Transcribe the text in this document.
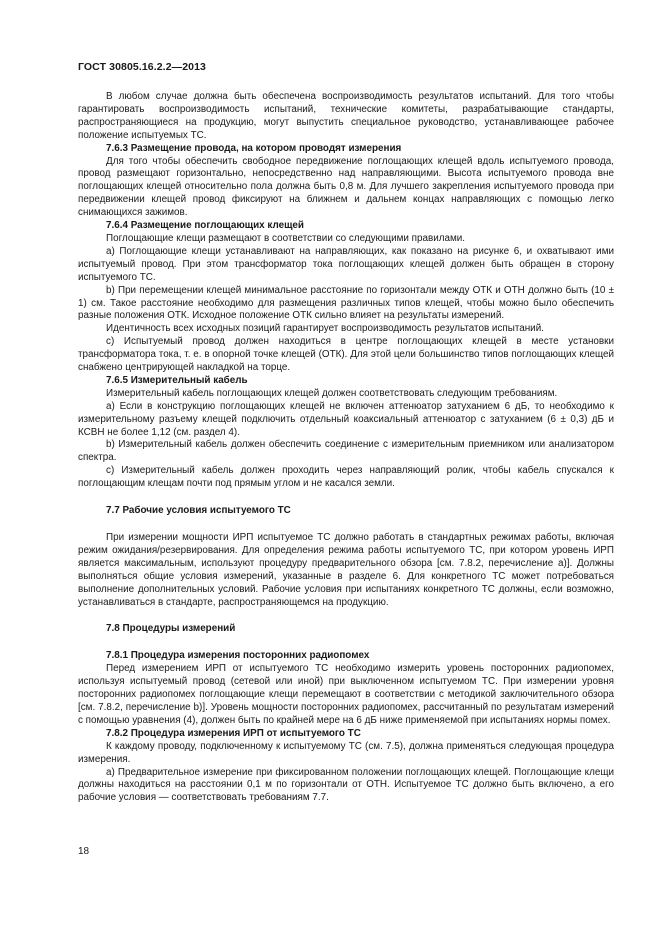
ГОСТ 30805.16.2.2—2013

В любом случае должна быть обеспечена воспроизводимость результатов испытаний. Для того чтобы гарантировать воспроизводимость испытаний, технические комитеты, разрабатывающие стандарты, распространяющиеся на продукцию, могут выпустить специальное руководство, устанавливающее рабочее положение испытуемых ТС.

7.6.3 Размещение провода, на котором проводят измерения

Для того чтобы обеспечить свободное передвижение поглощающих клещей вдоль испытуемого провода, провод размещают горизонтально, непосредственно над направляющими. Высота испытуемого провода вне поглощающих клещей относительно пола должна быть 0,8 м. Для лучшего закрепления испытуемого провода при передвижении клещей провод фиксируют на ближнем и дальнем концах направляющих с помощью легко снимающихся зажимов.

7.6.4 Размещение поглощающих клещей

Поглощающие клещи размещают в соответствии со следующими правилами.

а) Поглощающие клещи устанавливают на направляющих, как показано на рисунке 6, и охватывают ими испытуемый провод. При этом трансформатор тока поглощающих клещей должен быть обращен в сторону испытуемого ТС.

b) При перемещении клещей минимальное расстояние по горизонтали между ОТК и ОТН должно быть (10 ± 1) см. Такое расстояние необходимо для размещения различных типов клещей, чтобы можно было обеспечить разные положения ОТК. Исходное положение ОТК сильно влияет на результаты измерений.

Идентичность всех исходных позиций гарантирует воспроизводимость результатов испытаний.

с) Испытуемый провод должен находиться в центре поглощающих клещей в месте установки трансформатора тока, т. е. в опорной точке клещей (ОТК). Для этой цели большинство типов поглощающих клещей снабжено центрирующей накладкой на торце.

7.6.5 Измерительный кабель

Измерительный кабель поглощающих клещей должен соответствовать следующим требованиям.

а) Если в конструкцию поглощающих клещей не включен аттенюатор затуханием 6 дБ, то необходимо к измерительному разъему клещей подключить отдельный коаксиальный аттенюатор с затуханием (6 ± 0,3) дБ и КСВН не более 1,12 (см. раздел 4).

b) Измерительный кабель должен обеспечить соединение с измерительным приемником или анализатором спектра.

с) Измерительный кабель должен проходить через направляющий ролик, чтобы кабель спускался к поглощающим клещам почти под прямым углом и не касался земли.

7.7 Рабочие условия испытуемого ТС

При измерении мощности ИРП испытуемое ТС должно работать в стандартных режимах работы, включая режим ожидания/резервирования. Для определения режима работы испытуемого ТС, при котором уровень ИРП является максимальным, используют процедуру предварительного обзора [см. 7.8.2, перечисление а)]. Должны выполняться общие условия измерений, указанные в разделе 6. Для конкретного ТС может потребоваться выполнение дополнительных условий. Рабочие условия при испытаниях конкретного ТС должны, если возможно, устанавливаться в стандарте, распространяющемся на продукцию.

7.8 Процедуры измерений

7.8.1 Процедура измерения посторонних радиопомех

Перед измерением ИРП от испытуемого ТС необходимо измерить уровень посторонних радиопомех, используя испытуемый провод (сетевой или иной) при выключенном испытуемом ТС. При измерении уровня посторонних радиопомех поглощающие клещи перемещают в соответствии с методикой заключительного обзора [см. 7.8.2, перечисление b)]. Уровень мощности посторонних радиопомех, рассчитанный по результатам измерений с помощью уравнения (4), должен быть по крайней мере на 6 дБ ниже применяемой при испытаниях нормы помех.

7.8.2 Процедура измерения ИРП от испытуемого ТС

К каждому проводу, подключенному к испытуемому ТС (см. 7.5), должна применяться следующая процедура измерения.

а) Предварительное измерение при фиксированном положении поглощающих клещей. Поглощающие клещи должны находиться на расстоянии 0,1 м по горизонтали от ОТН. Испытуемое ТС должно быть включено, а его рабочие условия — соответствовать требованиям 7.7.

18
